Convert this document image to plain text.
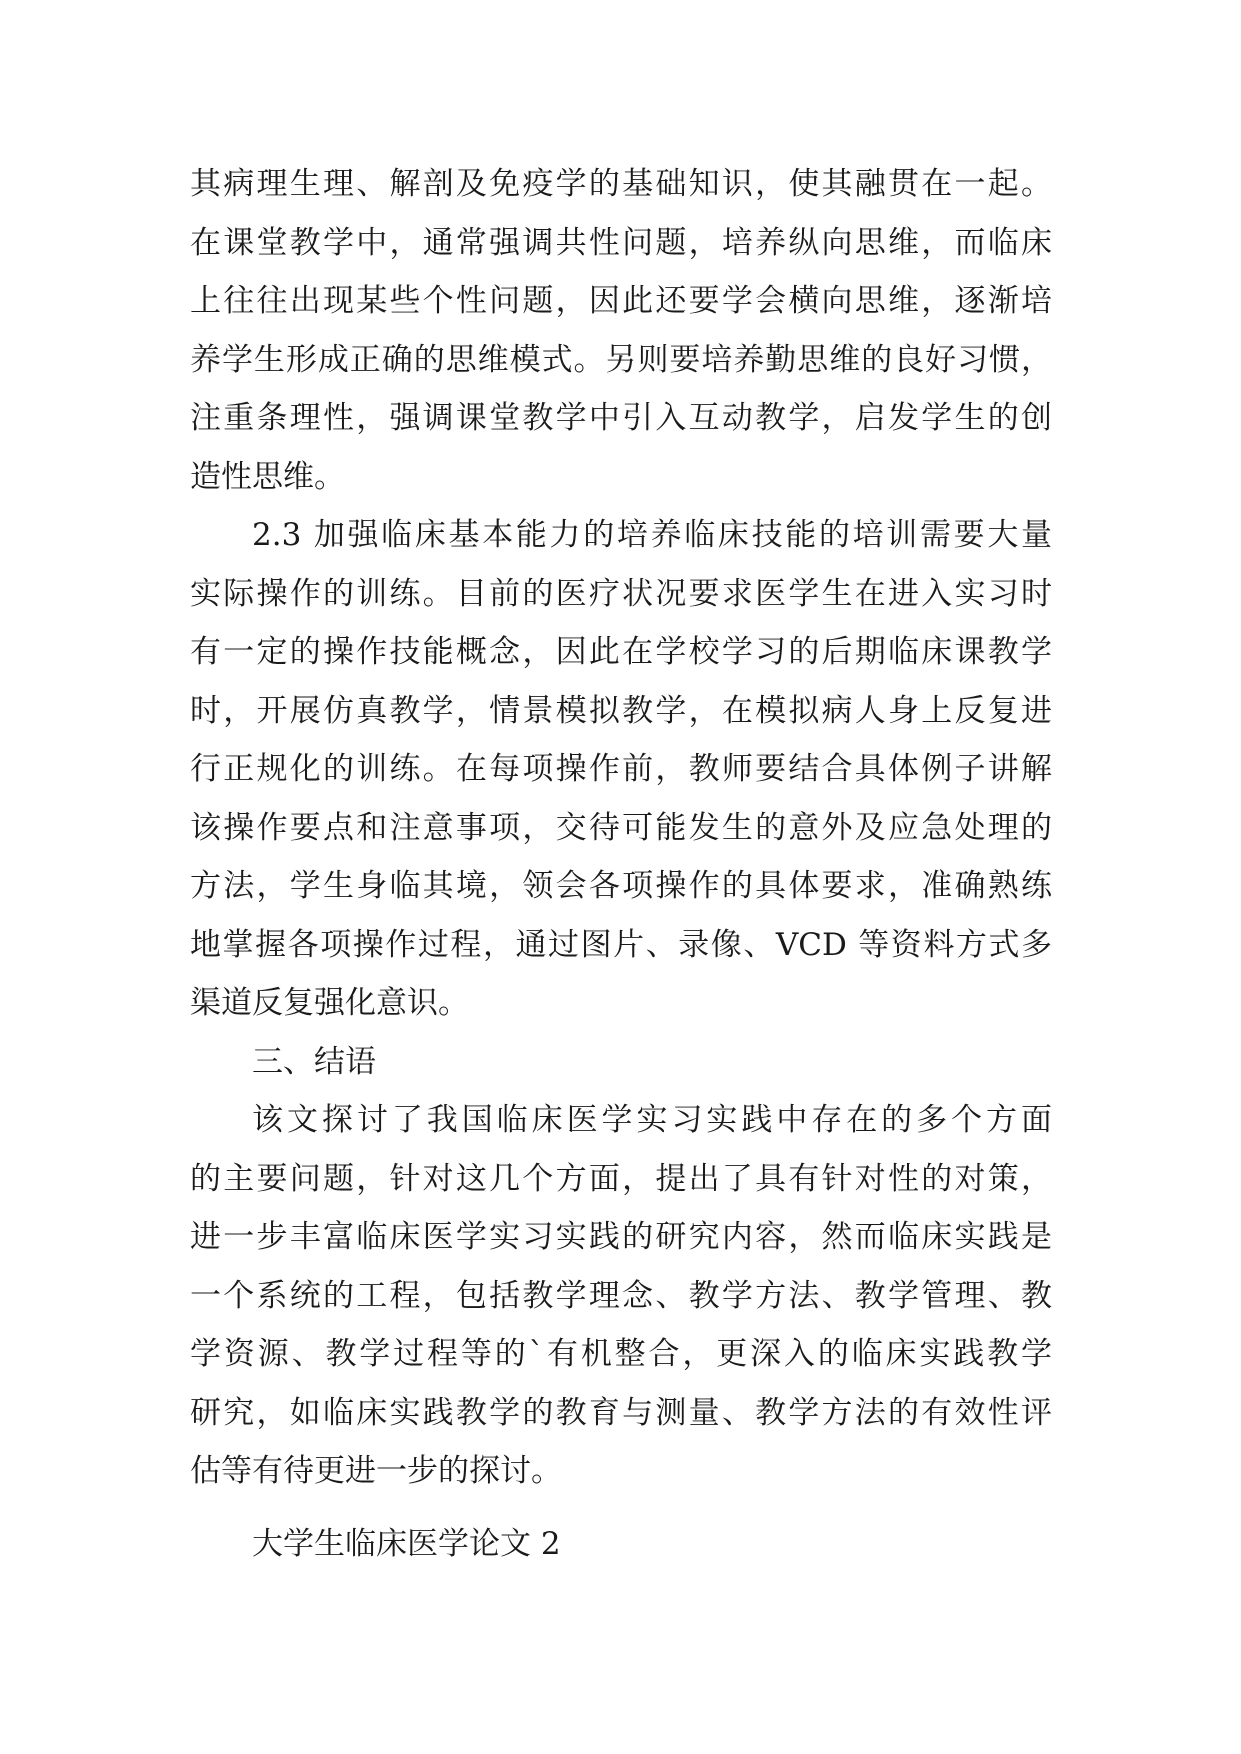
其病理生理、解剖及免疫学的基础知识，使其融贯在一起。
在课堂教学中，通常强调共性问题，培养纵向思维，而临床
上往往出现某些个性问题，因此还要学会横向思维，逐渐培
养学生形成正确的思维模式。另则要培养勤思维的良好习惯，
注重条理性，强调课堂教学中引入互动教学，启发学生的创
造性思维。
2.3 加强临床基本能力的培养临床技能的培训需要大量
实际操作的训练。目前的医疗状况要求医学生在进入实习时
有一定的操作技能概念，因此在学校学习的后期临床课教学
时，开展仿真教学，情景模拟教学，在模拟病人身上反复进
行正规化的训练。在每项操作前，教师要结合具体例子讲解
该操作要点和注意事项，交待可能发生的意外及应急处理的
方法，学生身临其境，领会各项操作的具体要求，准确熟练
地掌握各项操作过程，通过图片、录像、VCD 等资料方式多
渠道反复强化意识。
三、结语
该文探讨了我国临床医学实习实践中存在的多个方面
的主要问题，针对这几个方面，提出了具有针对性的对策，
进一步丰富临床医学实习实践的研究内容，然而临床实践是
一个系统的工程，包括教学理念、教学方法、教学管理、教
学资源、教学过程等的`有机整合，更深入的临床实践教学
研究，如临床实践教学的教育与测量、教学方法的有效性评
估等有待更进一步的探讨。
大学生临床医学论文 2
